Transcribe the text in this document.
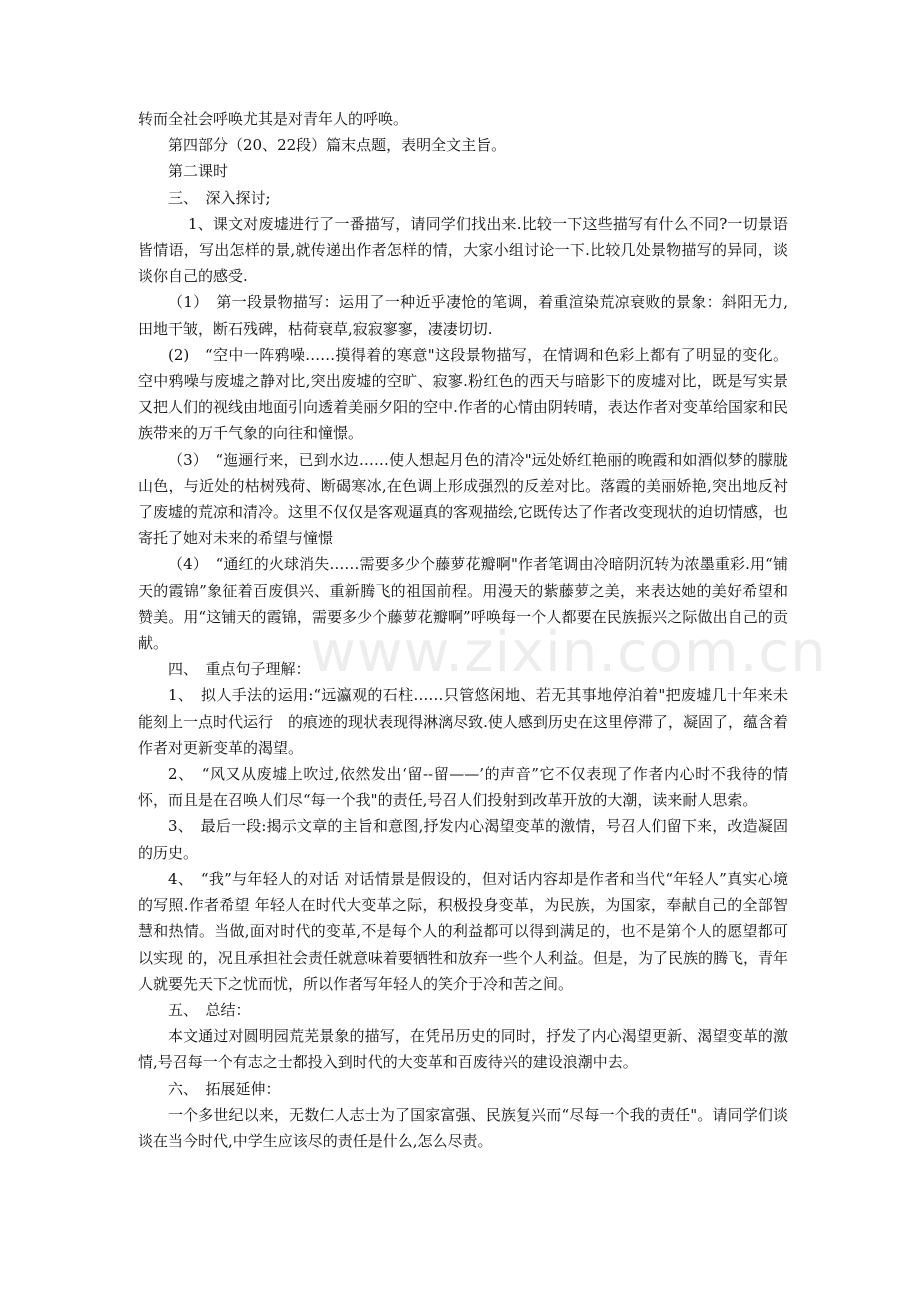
www.zixin.com.cn

转而全社会呼唤尤其是对青年人的呼唤。

第四部分（20、22段）篇末点题，表明全文主旨。

第二课时

三、　深入探讨;

1、课文对废墟进行了一番描写，请同学们找出来.比较一下这些描写有什么不同?一切景语皆情语，写出怎样的景,就传递出作者怎样的情，大家小组讨论一下.比较几处景物描写的异同，谈谈你自己的感受.

（1）　第一段景物描写：运用了一种近乎凄怆的笔调，着重渲染荒凉衰败的景象：斜阳无力,田地干皱，断石残碑，枯荷衰草,寂寂寥寥，凄凄切切.

(2)　“空中一阵鸦噪……摸得着的寒意"这段景物描写，在情调和色彩上都有了明显的变化。空中鸦噪与废墟之静对比,突出废墟的空旷、寂寥.粉红色的西天与暗影下的废墟对比，既是写实景又把人们的视线由地面引向透着美丽夕阳的空中.作者的心情由阴转晴，表达作者对变革给国家和民族带来的万千气象的向往和憧憬。

（3）　“迤逦行来，已到水边……使人想起月色的清冷"远处娇红艳丽的晚霞和如酒似梦的朦胧山色，与近处的枯树残荷、断碣寒冰,在色调上形成强烈的反差对比。落霞的美丽娇艳,突出地反衬了废墟的荒凉和清冷。这里不仅仅是客观逼真的客观描绘,它既传达了作者改变现状的迫切情感，也寄托了她对未来的希望与憧憬

（4）　“通红的火球消失……需要多少个藤萝花瓣啊"作者笔调由冷暗阴沉转为浓墨重彩.用“铺天的霞锦”象征着百废俱兴、重新腾飞的祖国前程。用漫天的紫藤萝之美，来表达她的美好希望和赞美。用“这铺天的霞锦，需要多少个藤萝花瓣啊”呼唤每一个人都要在民族振兴之际做出自己的贡献。

四、　重点句子理解：

1、　拟人手法的运用:“远瀛观的石柱……只管悠闲地、若无其事地停泊着"把废墟几十年来未能刻上一点时代运行　的痕迹的现状表现得淋漓尽致.使人感到历史在这里停滞了，凝固了，蕴含着作者对更新变革的渴望。

2、　“风又从废墟上吹过,依然发出‘留--留——’的声音”它不仅表现了作者内心时不我待的情怀，而且是在召唤人们尽“每一个我"的责任,号召人们投射到改革开放的大潮，读来耐人思索。

3、　最后一段:揭示文章的主旨和意图,抒发内心渴望变革的激情，号召人们留下来，改造凝固的历史。

4、　“我”与年轻人的对话 对话情景是假设的，但对话内容却是作者和当代“年轻人”真实心境的写照.作者希望 年轻人在时代大变革之际，积极投身变革，为民族，为国家，奉献自己的全部智慧和热情。当做,面对时代的变革,不是每个人的利益都可以得到满足的，也不是第个人的愿望都可以实现 的，况且承担社会责任就意味着要牺牲和放弃一些个人利益。但是，为了民族的腾飞，青年人就要先天下之忧而忧，所以作者写年轻人的笑介于冷和苦之间。

五、　总结：

本文通过对圆明园荒芜景象的描写，在凭吊历史的同时，抒发了内心渴望更新、渴望变革的激情,号召每一个有志之士都投入到时代的大变革和百废待兴的建设浪潮中去。

六、　拓展延伸：

一个多世纪以来，无数仁人志士为了国家富强、民族复兴而“尽每一个我的责任"。请同学们谈谈在当今时代,中学生应该尽的责任是什么,怎么尽责。
